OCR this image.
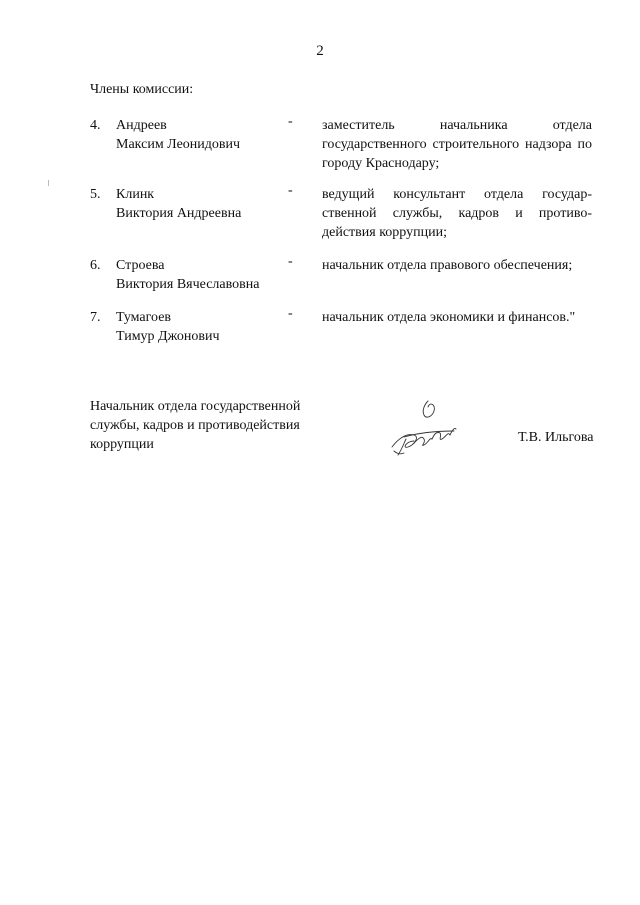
2
Члены комиссии:
4. Андреев
Максим Леонидович
- заместитель начальника отдела государственного строительного надзора по городу Краснодару;
5. Клинк
Виктория Андреевна
- ведущий консультант отдела государ-ственной службы, кадров и противо-действия коррупции;
6. Строева
Виктория Вячеславовна
- начальник отдела правового обеспечения;
7. Тумагоев
Тимур Джонович
- начальник отдела экономики и финансов."
Начальник отдела государственной
службы, кадров и противодействия
коррупции	Т.В. Ильгова
